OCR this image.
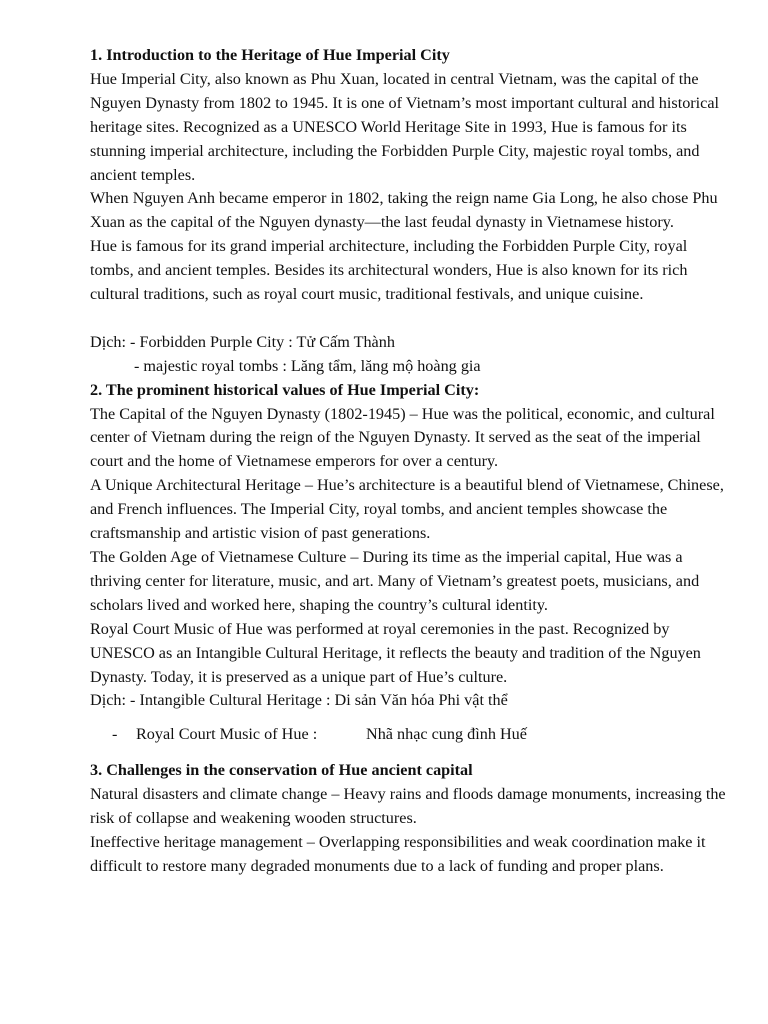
1. Introduction to the Heritage of Hue Imperial City

Hue Imperial City, also known as Phu Xuan, located in central Vietnam, was the capital of the Nguyen Dynasty from 1802 to 1945. It is one of Vietnam’s most important cultural and historical heritage sites. Recognized as a UNESCO World Heritage Site in 1993, Hue is famous for its stunning imperial architecture, including the Forbidden Purple City, majestic royal tombs, and ancient temples.

When Nguyen Anh became emperor in 1802, taking the reign name Gia Long, he also chose Phu Xuan as the capital of the Nguyen dynasty—the last feudal dynasty in Vietnamese history.

Hue is famous for its grand imperial architecture, including the Forbidden Purple City, royal tombs, and ancient temples. Besides its architectural wonders, Hue is also known for its rich cultural traditions, such as royal court music, traditional festivals, and unique cuisine.

Dịch: - Forbidden Purple City : Tử Cấm Thành

- majestic royal tombs : Lăng tẩm, lăng mộ hoàng gia

2. The prominent historical values of Hue Imperial City:

The Capital of the Nguyen Dynasty (1802-1945) – Hue was the political, economic, and cultural center of Vietnam during the reign of the Nguyen Dynasty. It served as the seat of the imperial court and the home of Vietnamese emperors for over a century.

A Unique Architectural Heritage – Hue’s architecture is a beautiful blend of Vietnamese, Chinese, and French influences. The Imperial City, royal tombs, and ancient temples showcase the craftsmanship and artistic vision of past generations.

The Golden Age of Vietnamese Culture – During its time as the imperial capital, Hue was a thriving center for literature, music, and art. Many of Vietnam’s greatest poets, musicians, and scholars lived and worked here, shaping the country’s cultural identity.

Royal Court Music of Hue was performed at royal ceremonies in the past. Recognized by UNESCO as an Intangible Cultural Heritage, it reflects the beauty and tradition of the Nguyen Dynasty. Today, it is preserved as a unique part of Hue’s culture.

Dịch: - Intangible Cultural Heritage : Di sản Văn hóa Phi vật thể

- Royal Court Music of Hue :	Nhã nhạc cung đình Huế

3. Challenges in the conservation of Hue ancient capital

Natural disasters and climate change – Heavy rains and floods damage monuments, increasing the risk of collapse and weakening wooden structures.

Ineffective heritage management – Overlapping responsibilities and weak coordination make it difficult to restore many degraded monuments due to a lack of funding and proper plans.
